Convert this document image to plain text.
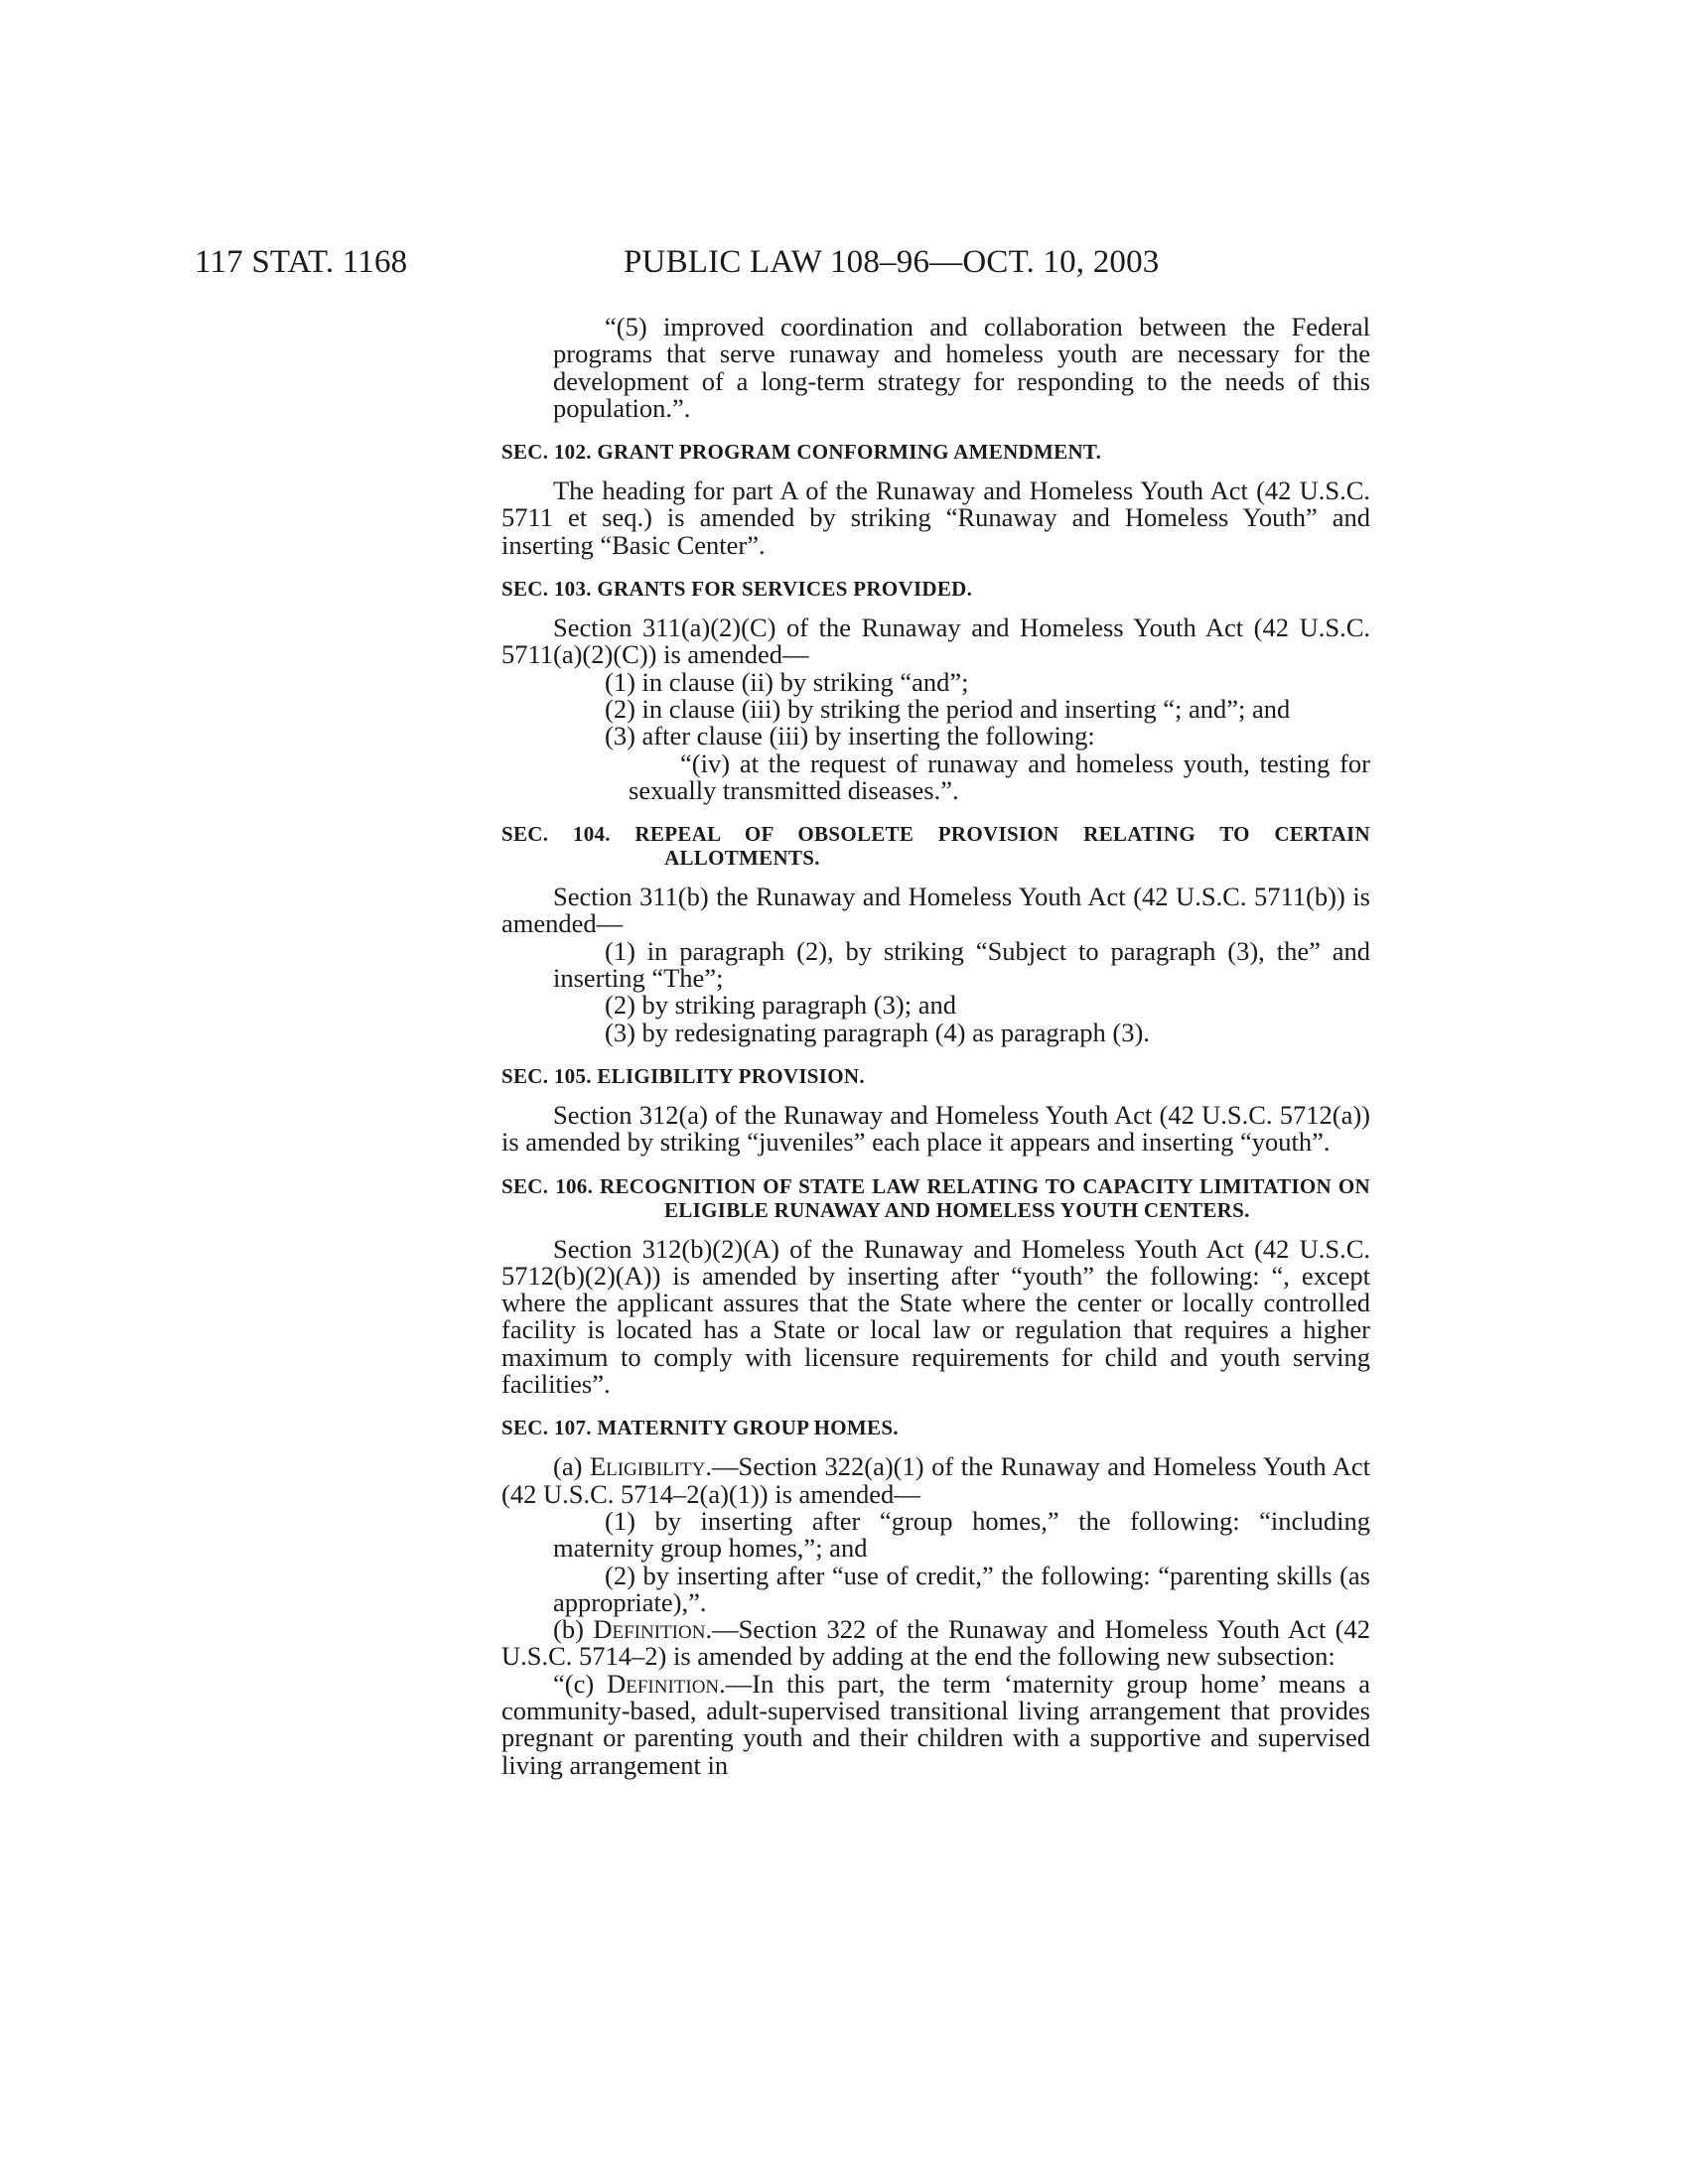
117 STAT. 1168	PUBLIC LAW 108–96—OCT. 10, 2003

“(5) improved coordination and collaboration between the Federal programs that serve runaway and homeless youth are necessary for the development of a long-term strategy for responding to the needs of this population.”.

SEC. 102. GRANT PROGRAM CONFORMING AMENDMENT.

The heading for part A of the Runaway and Homeless Youth Act (42 U.S.C. 5711 et seq.) is amended by striking “Runaway and Homeless Youth” and inserting “Basic Center”.

SEC. 103. GRANTS FOR SERVICES PROVIDED.

Section 311(a)(2)(C) of the Runaway and Homeless Youth Act (42 U.S.C. 5711(a)(2)(C)) is amended—

(1) in clause (ii) by striking “and”;

(2) in clause (iii) by striking the period and inserting “; and”; and

(3) after clause (iii) by inserting the following:

“(iv) at the request of runaway and homeless youth, testing for sexually transmitted diseases.”.

SEC. 104. REPEAL OF OBSOLETE PROVISION RELATING TO CERTAIN ALLOTMENTS.

Section 311(b) the Runaway and Homeless Youth Act (42 U.S.C. 5711(b)) is amended—

(1) in paragraph (2), by striking “Subject to paragraph (3), the” and inserting “The”;

(2) by striking paragraph (3); and

(3) by redesignating paragraph (4) as paragraph (3).

SEC. 105. ELIGIBILITY PROVISION.

Section 312(a) of the Runaway and Homeless Youth Act (42 U.S.C. 5712(a)) is amended by striking “juveniles” each place it appears and inserting “youth”.

SEC. 106. RECOGNITION OF STATE LAW RELATING TO CAPACITY LIMITATION ON ELIGIBLE RUNAWAY AND HOMELESS YOUTH CENTERS.

Section 312(b)(2)(A) of the Runaway and Homeless Youth Act (42 U.S.C. 5712(b)(2)(A)) is amended by inserting after “youth” the following: “, except where the applicant assures that the State where the center or locally controlled facility is located has a State or local law or regulation that requires a higher maximum to comply with licensure requirements for child and youth serving facilities”.

SEC. 107. MATERNITY GROUP HOMES.

(a) Eligibility.—Section 322(a)(1) of the Runaway and Homeless Youth Act (42 U.S.C. 5714–2(a)(1)) is amended—

(1) by inserting after “group homes,” the following: “including maternity group homes,”; and

(2) by inserting after “use of credit,” the following: “parenting skills (as appropriate),”.

(b) Definition.—Section 322 of the Runaway and Homeless Youth Act (42 U.S.C. 5714–2) is amended by adding at the end the following new subsection:

“(c) Definition.—In this part, the term ‘maternity group home’ means a community-based, adult-supervised transitional living arrangement that provides pregnant or parenting youth and their children with a supportive and supervised living arrangement in
